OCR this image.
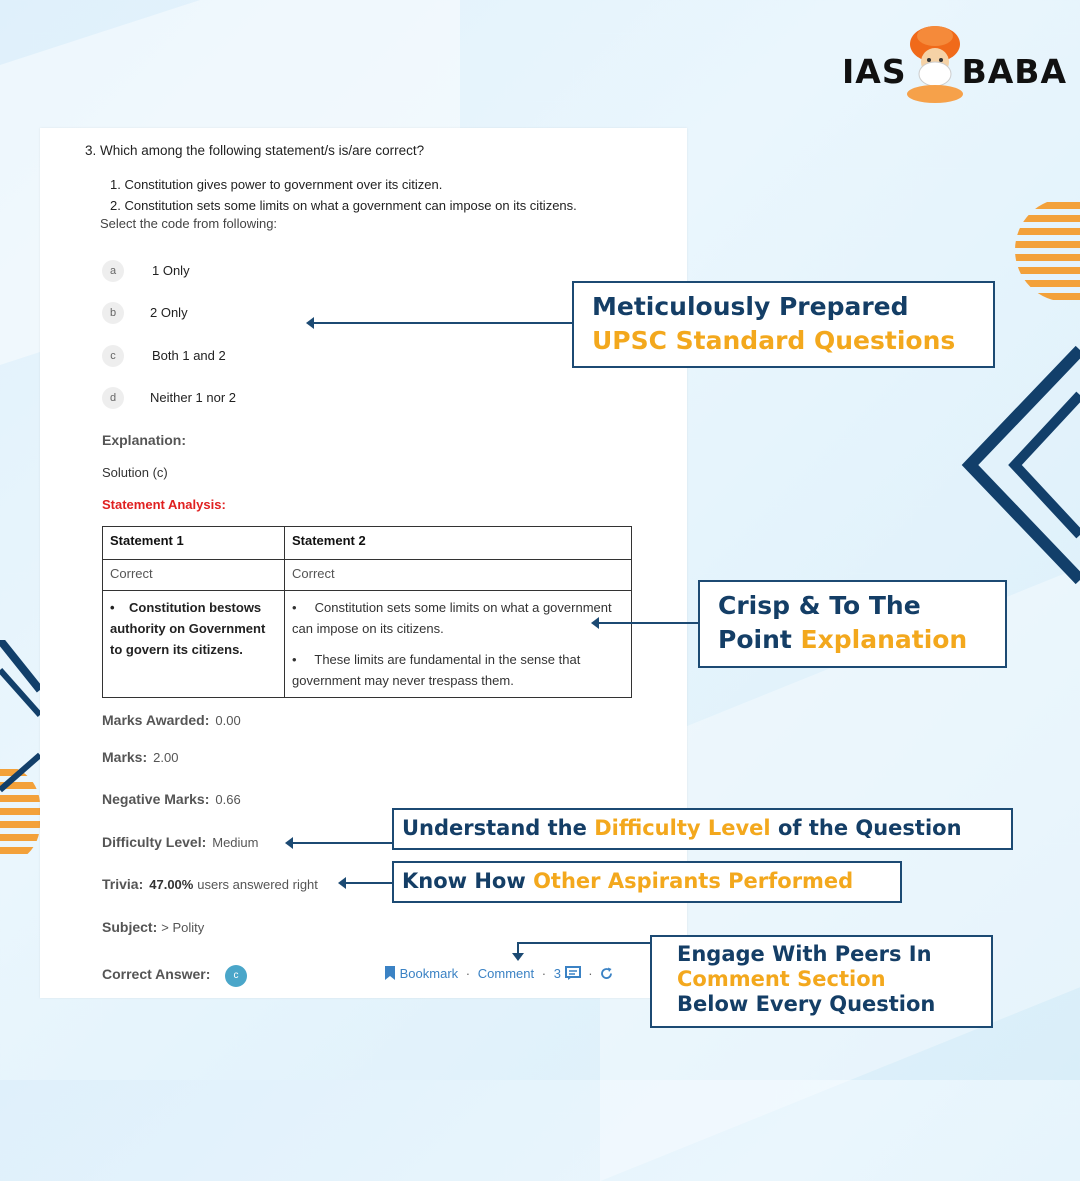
IAS BABA
3. Which among the following statement/s is/are correct?
1. Constitution gives power to government over its citizen.
2. Constitution sets some limits on what a government can impose on its citizens.
Select the code from following:
a	1 Only
b	2 Only
c	Both 1 and 2
d	Neither 1 nor 2
Explanation:
Solution (c)
Statement Analysis:
Statement 1	Statement 2
Correct	Correct

•    Constitution bestows authority on Government to govern its citizens.	•     Constitution sets some limits on what a government can impose on its citizens.
•     These limits are fundamental in the sense that government may never trespass them.
Marks Awarded: 0.00
Marks: 2.00
Negative Marks: 0.66
Difficulty Level: Medium
Trivia: 47.00% users answered right
Subject: > Polity
Correct Answer:	c	Bookmark · Comment · 3 ·
Meticulously Prepared
UPSC Standard Questions
Crisp & To The
Point Explanation
Understand the Difficulty Level of the Question
Know How Other Aspirants Performed
Engage With Peers In
Comment Section
Below Every Question
